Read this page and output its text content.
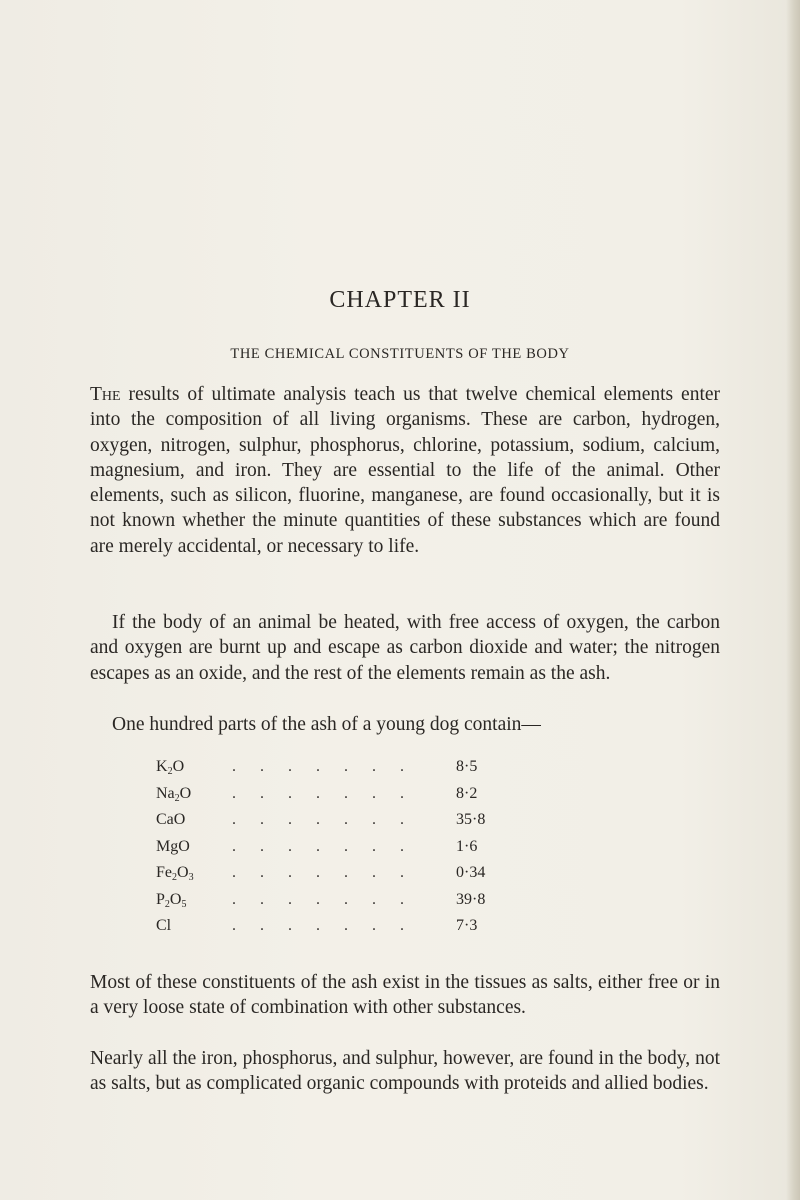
CHAPTER II
THE CHEMICAL CONSTITUENTS OF THE BODY

The results of ultimate analysis teach us that twelve chemical elements enter into the composition of all living organisms. These are carbon, hydrogen, oxygen, nitrogen, sulphur, phosphorus, chlorine, potassium, sodium, calcium, magnesium, and iron. They are essential to the life of the animal. Other elements, such as silicon, fluorine, manganese, are found occasionally, but it is not known whether the minute quantities of these substances which are found are merely accidental, or necessary to life.

If the body of an animal be heated, with free access of oxygen, the carbon and oxygen are burnt up and escape as carbon dioxide and water; the nitrogen escapes as an oxide, and the rest of the elements remain as the ash.

One hundred parts of the ash of a young dog contain—

$K_2O$	. . . . . . .	8·5
$Na_2O$	. . . . . . .	8·2
CaO	. . . . . . .	35·8
MgO	. . . . . . .	1·6
$Fe_2O_3$ . . . . . . .	0·34
$P_2O_5$	. . . . . . .	39·8
Cl	. . . . . . .	7·3

Most of these constituents of the ash exist in the tissues as salts, either free or in a very loose state of combination with other substances.

Nearly all the iron, phosphorus, and sulphur, however, are found in the body, not as salts, but as complicated organic compounds with proteids and allied bodies.
